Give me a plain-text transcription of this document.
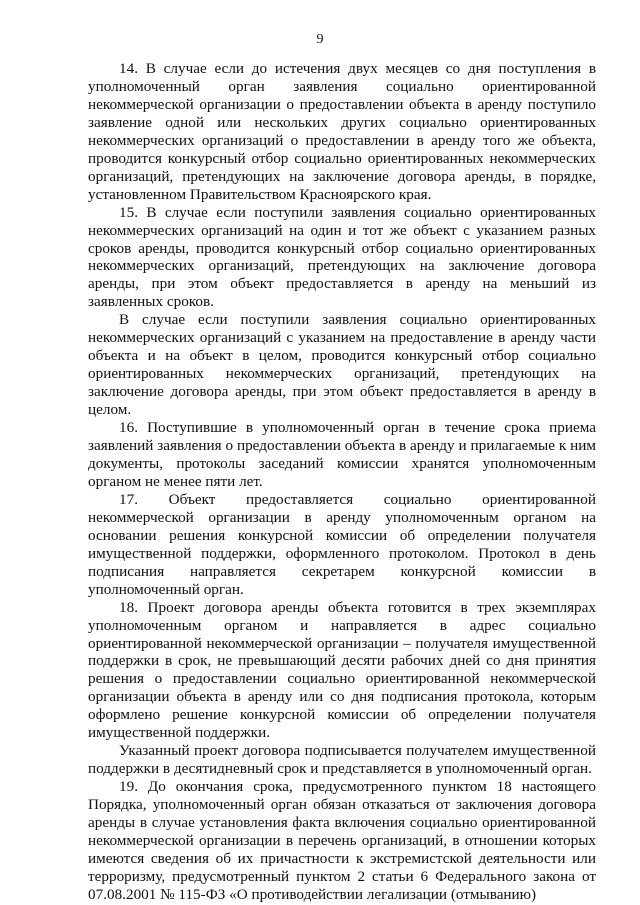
9

14. В случае если до истечения двух месяцев со дня поступления в уполномоченный орган заявления социально ориентированной некоммерческой организации о предоставлении объекта в аренду поступило заявление одной или нескольких других социально ориентированных некоммерческих организаций о предоставлении в аренду того же объекта, проводится конкурсный отбор социально ориентированных некоммерческих организаций, претендующих на заключение договора аренды, в порядке, установленном Правительством Красноярского края.

15. В случае если поступили заявления социально ориентированных некоммерческих организаций на один и тот же объект с указанием разных сроков аренды, проводится конкурсный отбор социально ориентированных некоммерческих организаций, претендующих на заключение договора аренды, при этом объект предоставляется в аренду на меньший из заявленных сроков.

В случае если поступили заявления социально ориентированных некоммерческих организаций с указанием на предоставление в аренду части объекта и на объект в целом, проводится конкурсный отбор социально ориентированных некоммерческих организаций, претендующих на заключение договора аренды, при этом объект предоставляется в аренду в целом.

16. Поступившие в уполномоченный орган в течение срока приема заявлений заявления о предоставлении объекта в аренду и прилагаемые к ним документы, протоколы заседаний комиссии хранятся уполномоченным органом не менее пяти лет.

17. Объект предоставляется социально ориентированной некоммерческой организации в аренду уполномоченным органом на основании решения конкурсной комиссии об определении получателя имущественной поддержки, оформленного протоколом. Протокол в день подписания направляется секретарем конкурсной комиссии в уполномоченный орган.

18. Проект договора аренды объекта готовится в трех экземплярах уполномоченным органом и направляется в адрес социально ориентированной некоммерческой организации – получателя имущественной поддержки в срок, не превышающий десяти рабочих дней со дня принятия решения о предоставлении социально ориентированной некоммерческой организации объекта в аренду или со дня подписания протокола, которым оформлено решение конкурсной комиссии об определении получателя имущественной поддержки.

Указанный проект договора подписывается получателем имущественной поддержки в десятидневный срок и представляется в уполномоченный орган.

19. До окончания срока, предусмотренного пунктом 18 настоящего Порядка, уполномоченный орган обязан отказаться от заключения договора аренды в случае установления факта включения социально ориентированной некоммерческой организации в перечень организаций, в отношении которых имеются сведения об их причастности к экстремистской деятельности или терроризму, предусмотренный пунктом 2 статьи 6 Федерального закона от 07.08.2001 № 115-ФЗ «О противодействии легализации (отмыванию)
